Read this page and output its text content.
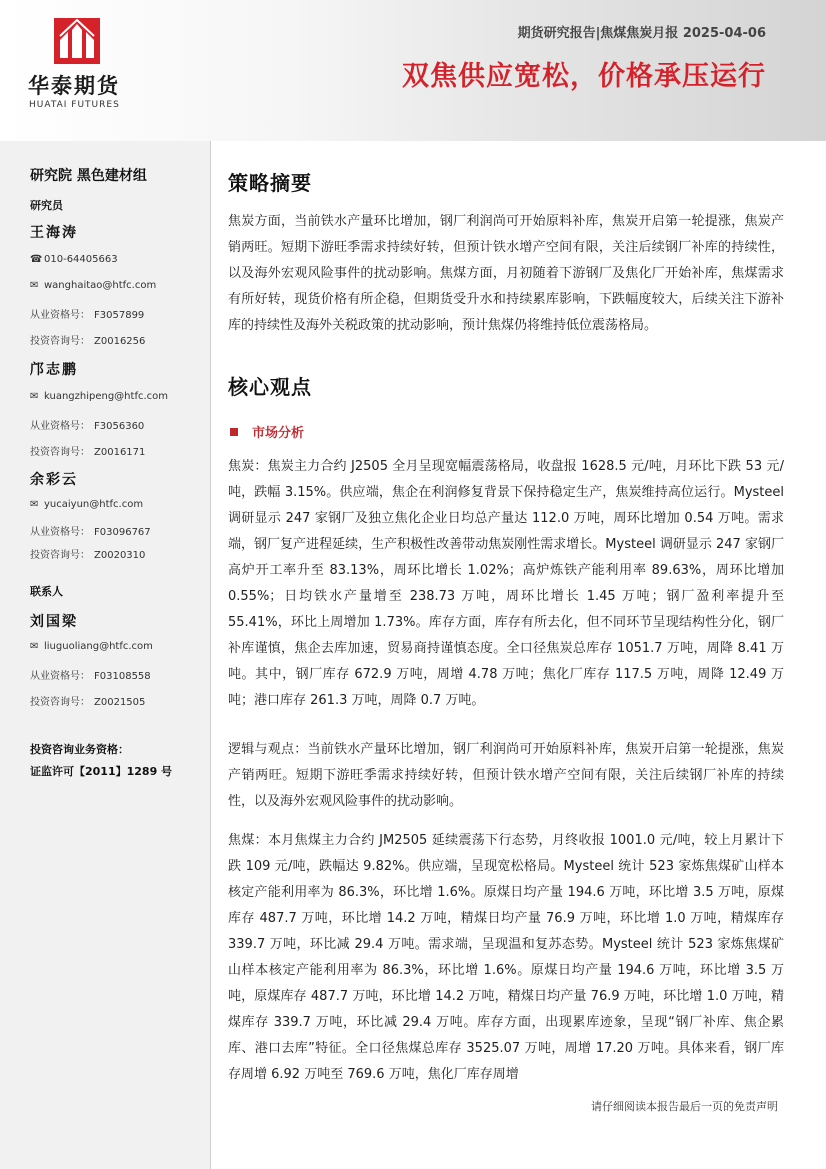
华泰期货
HUATAI FUTURES
期货研究报告|焦煤焦炭月报 2025-04-06
双焦供应宽松，价格承压运行
研究院 黑色建材组
研究员
王海涛
☎ 010-64405663
✉ wanghaitao@htfc.com
从业资格号： F3057899
投资咨询号： Z0016256
邝志鹏
✉ kuangzhipeng@htfc.com
从业资格号： F3056360
投资咨询号： Z0016171
余彩云
✉ yucaiyun@htfc.com
从业资格号： F03096767
投资咨询号： Z0020310
联系人
刘国梁
✉ liuguoliang@htfc.com
从业资格号： F03108558
投资咨询号： Z0021505
投资咨询业务资格：
证监许可【2011】1289 号
策略摘要
焦炭方面，当前铁水产量环比增加，钢厂利润尚可开始原料补库，焦炭开启第一轮提涨，焦炭产销两旺。短期下游旺季需求持续好转，但预计铁水增产空间有限，关注后续钢厂补库的持续性，以及海外宏观风险事件的扰动影响。焦煤方面，月初随着下游钢厂及焦化厂开始补库，焦煤需求有所好转，现货价格有所企稳，但期货受升水和持续累库影响，下跌幅度较大，后续关注下游补库的持续性及海外关税政策的扰动影响，预计焦煤仍将维持低位震荡格局。
核心观点
市场分析
焦炭：焦炭主力合约 J2505 全月呈现宽幅震荡格局，收盘报 1628.5 元/吨，月环比下跌 53 元/吨，跌幅 3.15%。供应端，焦企在利润修复背景下保持稳定生产，焦炭维持高位运行。Mysteel 调研显示 247 家钢厂及独立焦化企业日均总产量达 112.0 万吨，周环比增加 0.54 万吨。需求端，钢厂复产进程延续，生产积极性改善带动焦炭刚性需求增长。Mysteel 调研显示 247 家钢厂高炉开工率升至 83.13%，周环比增长 1.02%；高炉炼铁产能利用率 89.63%，周环比增加 0.55%；日均铁水产量增至 238.73 万吨，周环比增长 1.45 万吨；钢厂盈利率提升至 55.41%，环比上周增加 1.73%。库存方面，库存有所去化，但不同环节呈现结构性分化，钢厂补库谨慎，焦企去库加速，贸易商持谨慎态度。全口径焦炭总库存 1051.7 万吨，周降 8.41 万吨。其中，钢厂库存 672.9 万吨，周增 4.78 万吨；焦化厂库存 117.5 万吨，周降 12.49 万吨；港口库存 261.3 万吨，周降 0.7 万吨。
逻辑与观点：当前铁水产量环比增加，钢厂利润尚可开始原料补库，焦炭开启第一轮提涨，焦炭产销两旺。短期下游旺季需求持续好转，但预计铁水增产空间有限，关注后续钢厂补库的持续性，以及海外宏观风险事件的扰动影响。
焦煤：本月焦煤主力合约 JM2505 延续震荡下行态势，月终收报 1001.0 元/吨，较上月累计下跌 109 元/吨，跌幅达 9.82%。供应端，呈现宽松格局。Mysteel 统计 523 家炼焦煤矿山样本核定产能利用率为 86.3%，环比增 1.6%。原煤日均产量 194.6 万吨，环比增 3.5 万吨，原煤库存 487.7 万吨，环比增 14.2 万吨，精煤日均产量 76.9 万吨，环比增 1.0 万吨，精煤库存 339.7 万吨，环比减 29.4 万吨。需求端，呈现温和复苏态势。Mysteel 统计 523 家炼焦煤矿山样本核定产能利用率为 86.3%，环比增 1.6%。原煤日均产量 194.6 万吨，环比增 3.5 万吨，原煤库存 487.7 万吨，环比增 14.2 万吨，精煤日均产量 76.9 万吨，环比增 1.0 万吨，精煤库存 339.7 万吨，环比减 29.4 万吨。库存方面，出现累库迹象，呈现“钢厂补库、焦企累库、港口去库”特征。全口径焦煤总库存 3525.07 万吨，周增 17.20 万吨。具体来看，钢厂库存周增 6.92 万吨至 769.6 万吨，焦化厂库存周增
请仔细阅读本报告最后一页的免责声明
